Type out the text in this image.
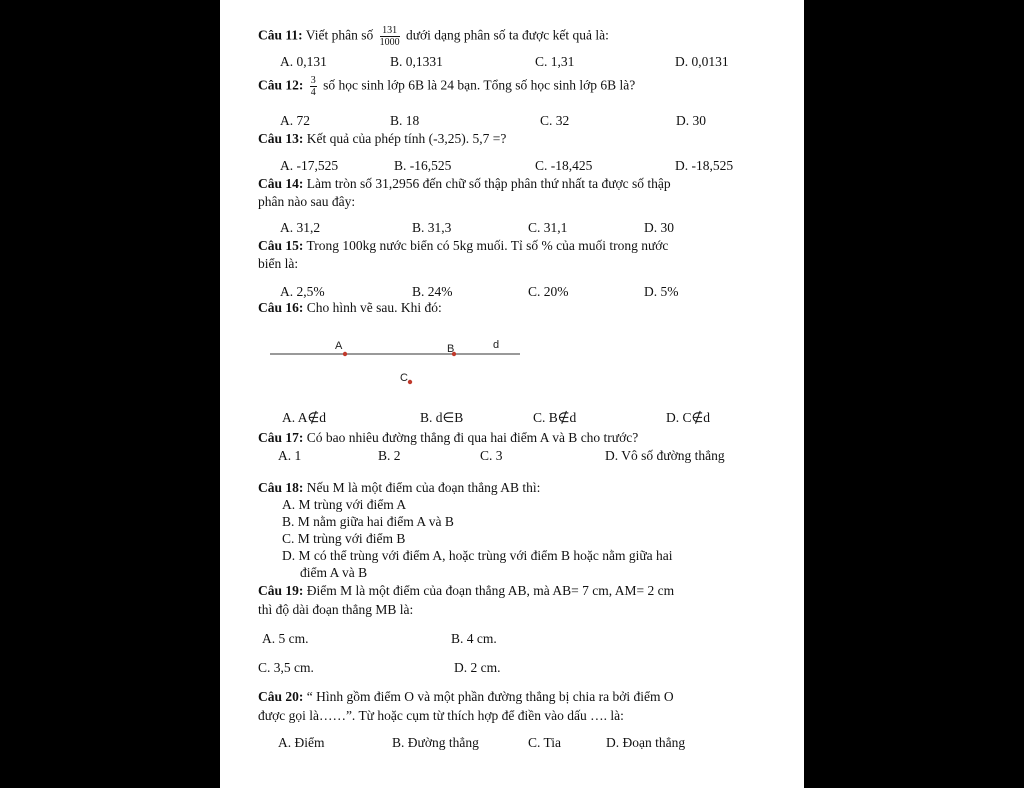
Câu 11: Viết phân số $\frac{131}{1000}$ dưới dạng phân số ta được kết quả là:
A. 0,131	B. 0,1331	C. 1,31	D. 0,0131
Câu 12: $\frac{3}{4}$ số học sinh lớp 6B là 24 bạn. Tổng số học sinh lớp 6B là?
A. 72	B. 18	C. 32	D. 30
Câu 13: Kết quả của phép tính (-3,25). 5,7 =?
A. -17,525	B. -16,525	C. -18,425	D. -18,525
Câu 14: Làm tròn số 31,2956 đến chữ số thập phân thứ nhất ta được số thập
phân nào sau đây:
A. 31,2	B. 31,3	C. 31,1	D. 30
Câu 15: Trong 100kg nước biển có 5kg muối. Tỉ số % của muối trong nước
biển là:
A. 2,5%	B. 24%	C. 20%	D. 5%
Câu 16: Cho hình vẽ sau. Khi đó:
A	B	d
C
A. A∉d	B. d∈B	C. B∉d	D. C∉d
Câu 17: Có bao nhiêu đường thẳng đi qua hai điểm A và B cho trước?
A. 1	B. 2	C. 3	D. Vô số đường thẳng
Câu 18: Nếu M là một điểm của đoạn thẳng AB thì:
A. M trùng với điểm A
B. M nằm giữa hai điểm A và B
C. M trùng với điểm B
D. M có thể trùng với điểm A, hoặc trùng với điểm B hoặc nằm giữa hai
điểm A và B
Câu 19: Điểm M là một điểm của đoạn thẳng AB, mà AB= 7 cm, AM= 2 cm
thì độ dài đoạn thẳng MB là:
A. 5 cm.	B. 4 cm.
C. 3,5 cm.	D. 2 cm.
Câu 20: “ Hình gồm điểm O và một phần đường thẳng bị chia ra bởi điểm O
được gọi là……”. Từ hoặc cụm từ thích hợp để điền vào dấu …. là:
A. Điểm	B. Đường thẳng	C. Tia	D. Đoạn thẳng
